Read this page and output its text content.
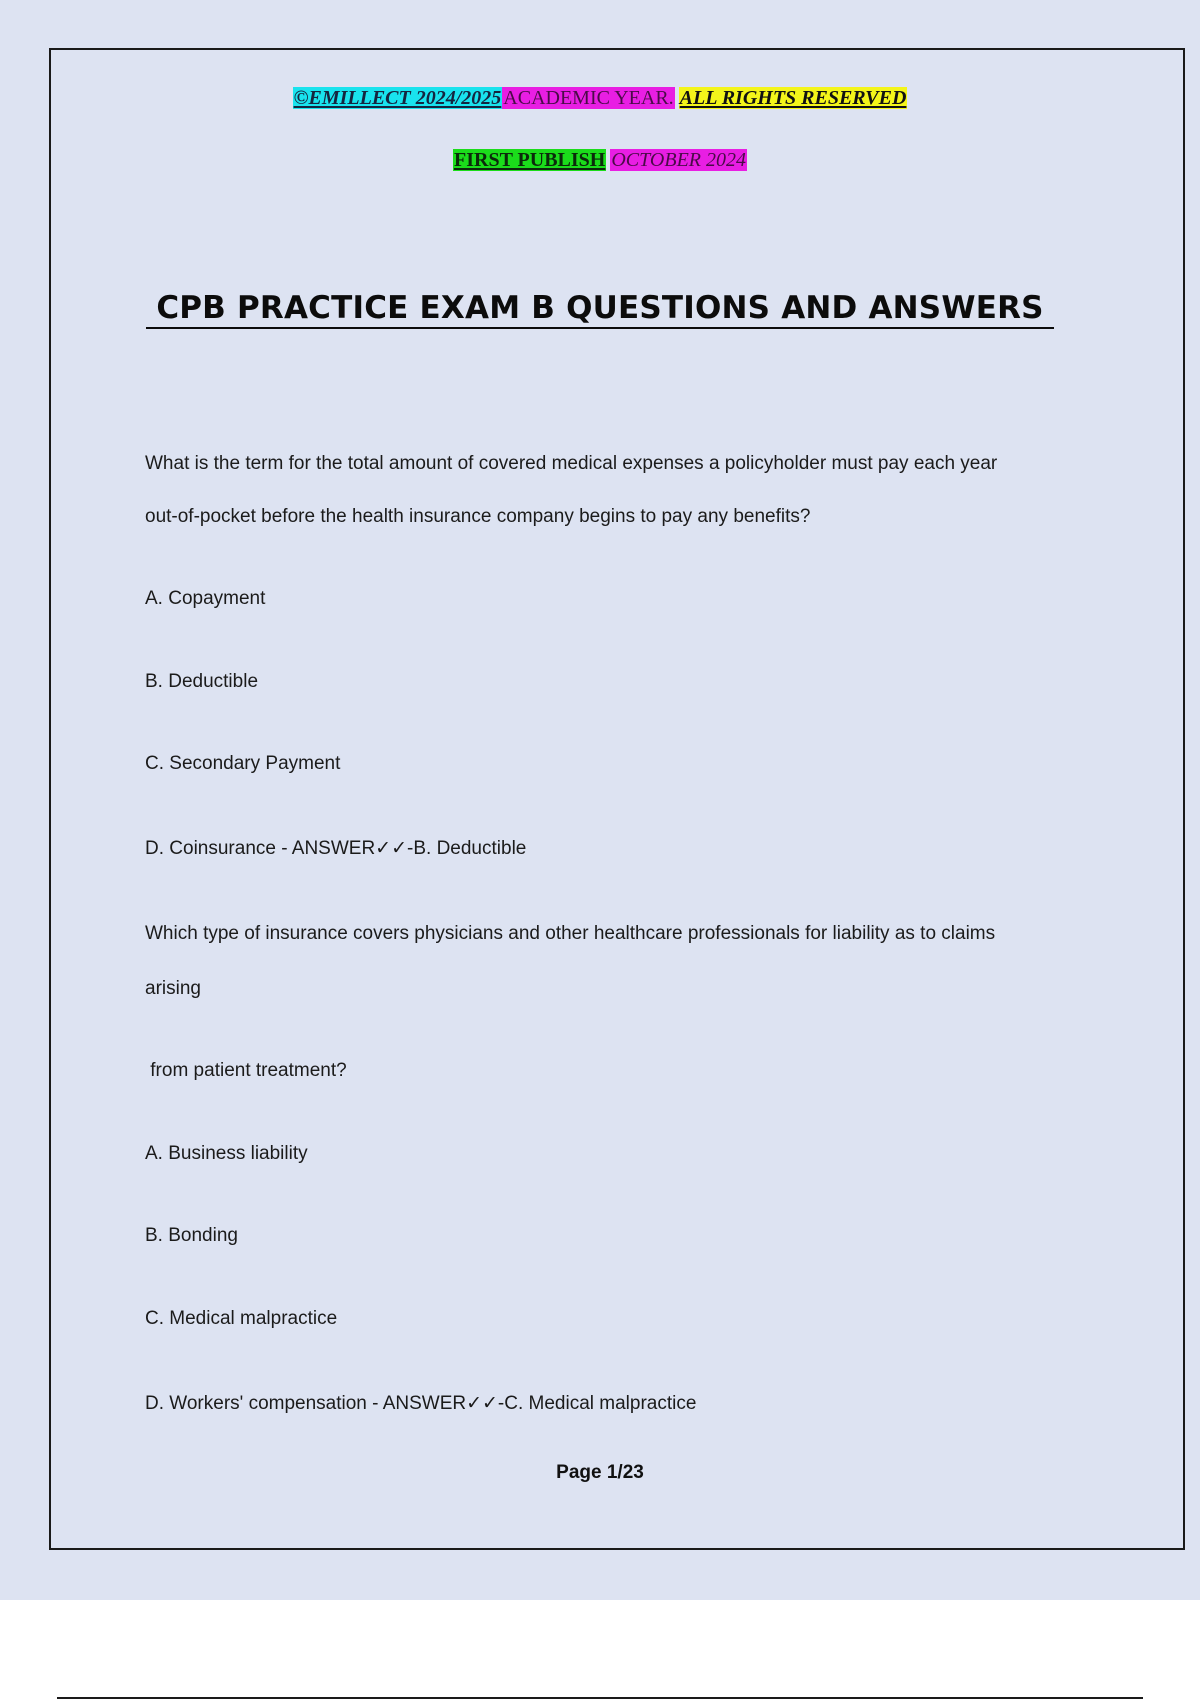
©EMILLECT 2024/2025 ACADEMIC YEAR. ALL RIGHTS RESERVED
FIRST PUBLISH OCTOBER 2024
CPB PRACTICE EXAM B QUESTIONS AND ANSWERS
What is the term for the total amount of covered medical expenses a policyholder must pay each year
out-of-pocket before the health insurance company begins to pay any benefits?
A. Copayment
B. Deductible
C. Secondary Payment
D. Coinsurance - ANSWER✓✓-B. Deductible
Which type of insurance covers physicians and other healthcare professionals for liability as to claims
arising
from patient treatment?
A. Business liability
B. Bonding
C. Medical malpractice
D. Workers' compensation - ANSWER✓✓-C. Medical malpractice
Page 1/23
